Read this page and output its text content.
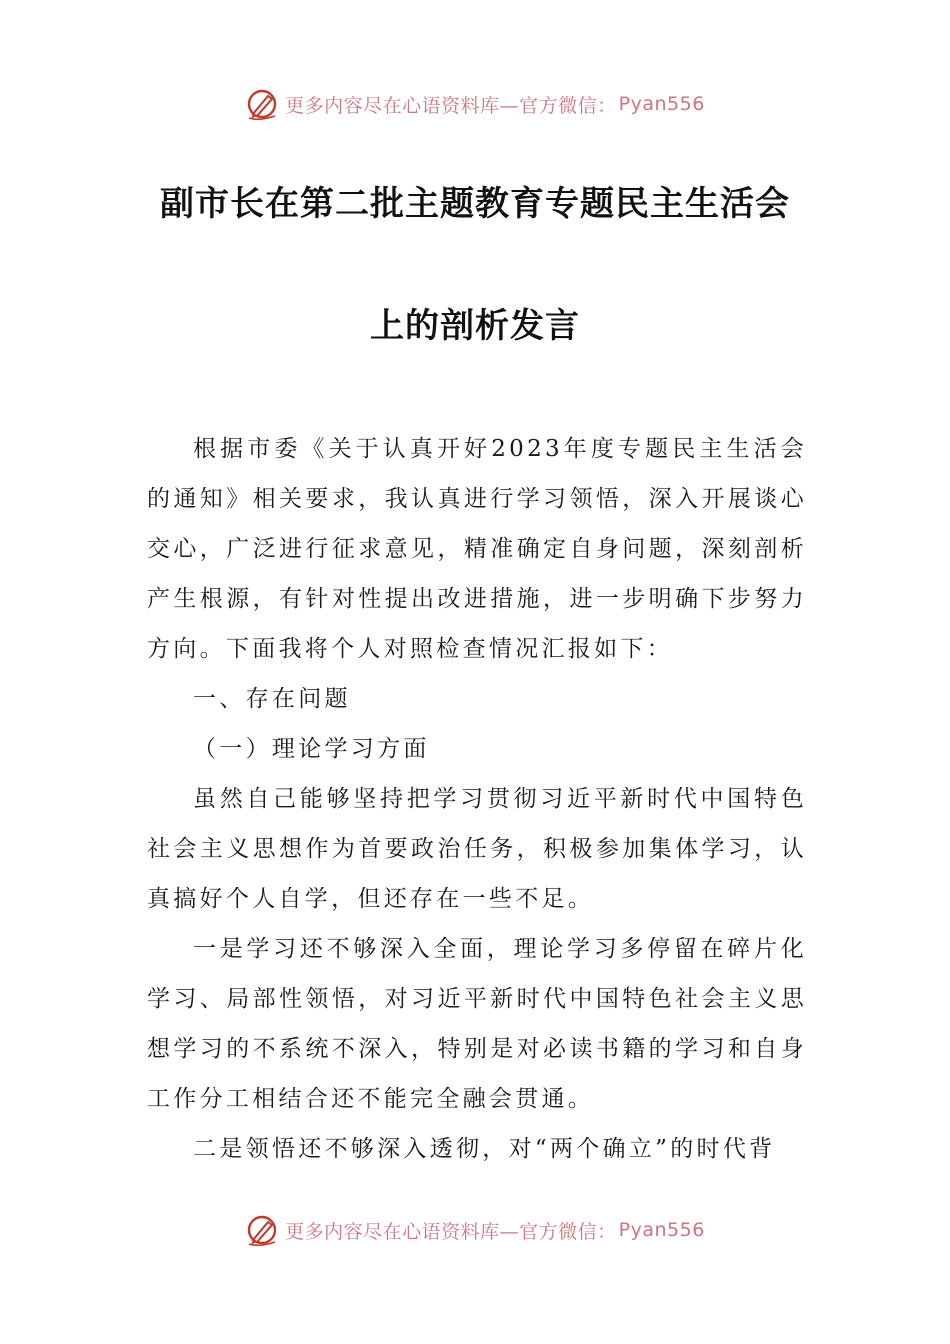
更多内容尽在心语资料库—官方微信： Pyan556
副市长在第二批主题教育专题民主生活会
上的剖析发言

根据市委《关于认真开好2023年度专题民主生活会的通知》相关要求，我认真进行学习领悟，深入开展谈心交心，广泛进行征求意见，精准确定自身问题，深刻剖析产生根源，有针对性提出改进措施，进一步明确下步努力方向。下面我将个人对照检查情况汇报如下：

一、存在问题

（一）理论学习方面

虽然自己能够坚持把学习贯彻习近平新时代中国特色社会主义思想作为首要政治任务，积极参加集体学习，认真搞好个人自学，但还存在一些不足。

一是学习还不够深入全面，理论学习多停留在碎片化学习、局部性领悟，对习近平新时代中国特色社会主义思想学习的不系统不深入，特别是对必读书籍的学习和自身工作分工相结合还不能完全融会贯通。

二是领悟还不够深入透彻，对“两个确立”的时代背

更多内容尽在心语资料库—官方微信： Pyan556
